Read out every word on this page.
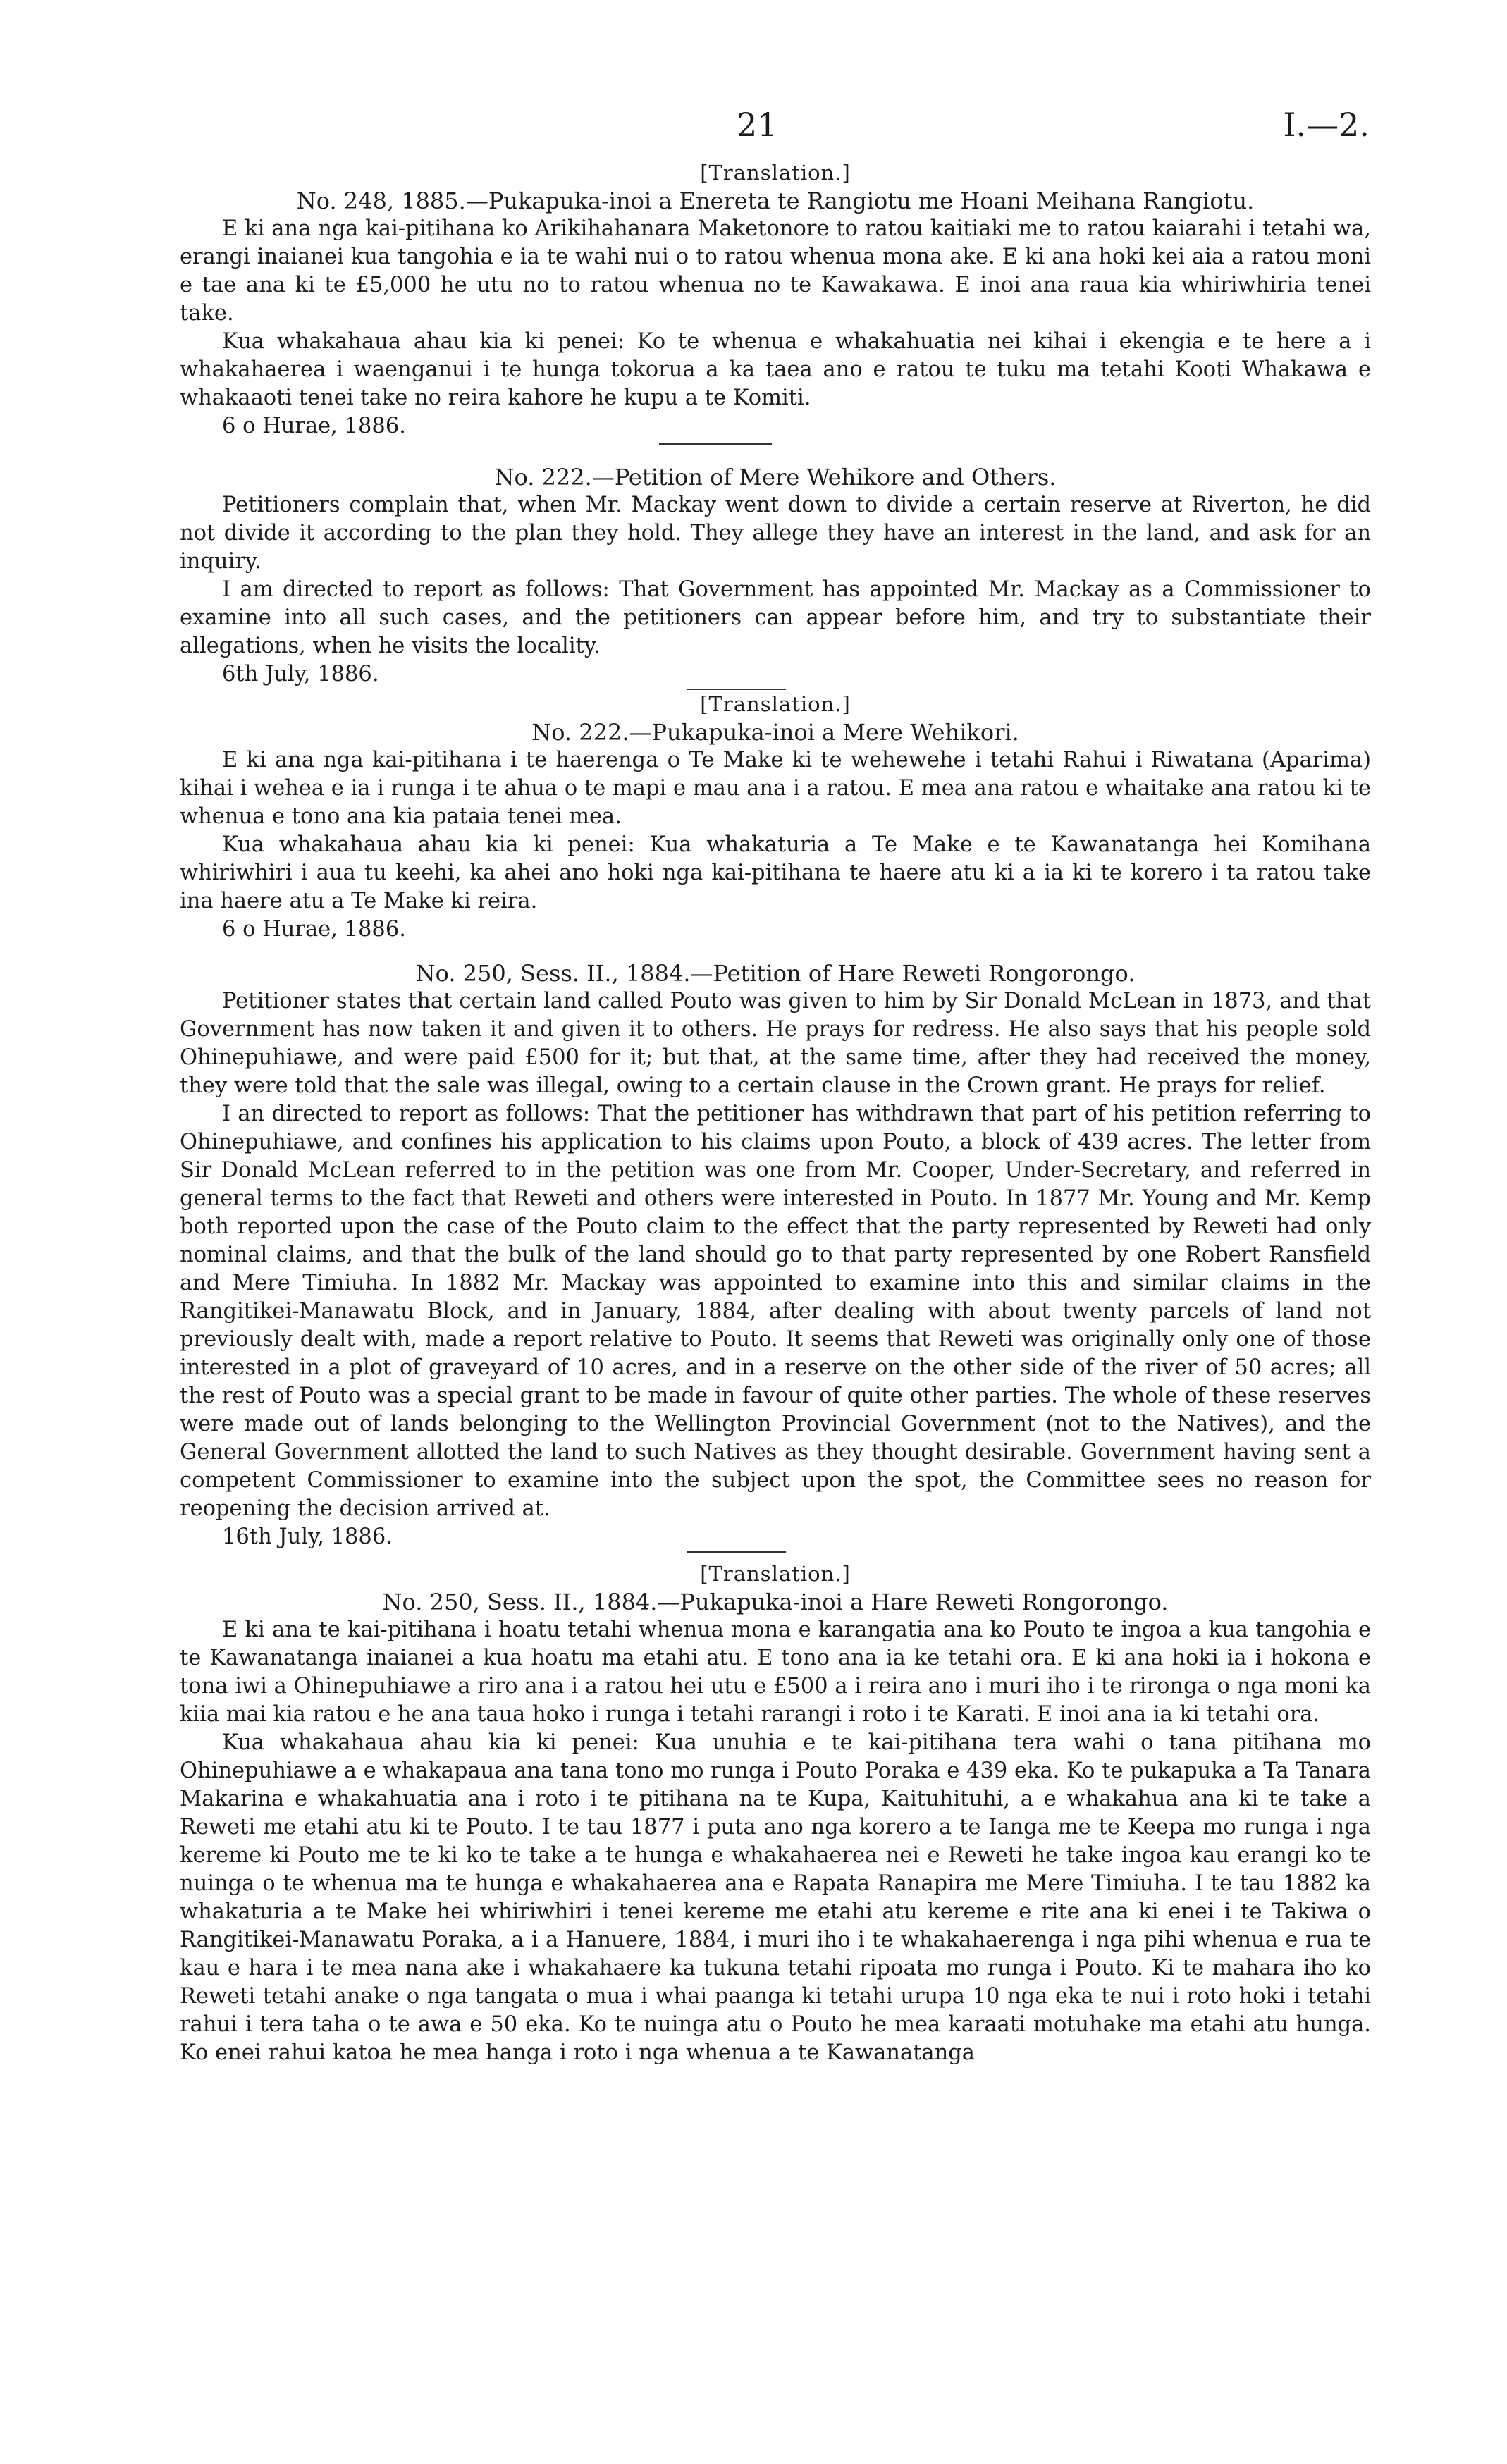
21	I.—2.
[Translation.]
No. 248, 1885.—Pukapuka-inoi a Enereta te Rangiotu me Hoani Meihana Rangiotu.

E ki ana nga kai-pitihana ko Arikihahanara Maketonore to ratou kaitiaki me to ratou kaiarahi i tetahi wa, erangi inaianei kua tangohia e ia te wahi nui o to ratou whenua mona ake. E ki ana hoki kei aia a ratou moni e tae ana ki te £5,000 he utu no to ratou whenua no te Kawakawa. E inoi ana raua kia whiriwhiria tenei take.

Kua whakahaua ahau kia ki penei: Ko te whenua e whakahuatia nei kihai i ekengia e te here a i whakahaerea i waenganui i te hunga tokorua a ka taea ano e ratou te tuku ma tetahi Kooti Whakawa e whakaaoti tenei take no reira kahore he kupu a te Komiti.

6 o Hurae, 1886.
No. 222.—Petition of Mere Wehikore and Others.

Petitioners complain that, when Mr. Mackay went down to divide a certain reserve at Riverton, he did not divide it according to the plan they hold. They allege they have an interest in the land, and ask for an inquiry.

I am directed to report as follows: That Government has appointed Mr. Mackay as a Commissioner to examine into all such cases, and the petitioners can appear before him, and try to substantiate their allegations, when he visits the locality.

6th July, 1886.
[Translation.]
No. 222.—Pukapuka-inoi a Mere Wehikori.

E ki ana nga kai-pitihana i te haerenga o Te Make ki te wehewehe i tetahi Rahui i Riwatana (Aparima) kihai i wehea e ia i runga i te ahua o te mapi e mau ana i a ratou. E mea ana ratou e whaitake ana ratou ki te whenua e tono ana kia pataia tenei mea.

Kua whakahaua ahau kia ki penei: Kua whakaturia a Te Make e te Kawanatanga hei Komihana whiriwhiri i aua tu keehi, ka ahei ano hoki nga kai-pitihana te haere atu ki a ia ki te korero i ta ratou take ina haere atu a Te Make ki reira.

6 o Hurae, 1886.
No. 250, Sess. II., 1884.—Petition of Hare Reweti Rongorongo.

Petitioner states that certain land called Pouto was given to him by Sir Donald McLean in 1873, and that Government has now taken it and given it to others. He prays for redress. He also says that his people sold Ohinepuhiawe, and were paid £500 for it; but that, at the same time, after they had received the money, they were told that the sale was illegal, owing to a certain clause in the Crown grant. He prays for relief.

I an directed to report as follows: That the petitioner has withdrawn that part of his petition referring to Ohinepuhiawe, and confines his application to his claims upon Pouto, a block of 439 acres. The letter from Sir Donald McLean referred to in the petition was one from Mr. Cooper, Under-Secretary, and referred in general terms to the fact that Reweti and others were interested in Pouto. In 1877 Mr. Young and Mr. Kemp both reported upon the case of the Pouto claim to the effect that the party represented by Reweti had only nominal claims, and that the bulk of the land should go to that party represented by one Robert Ransfield and Mere Timiuha. In 1882 Mr. Mackay was appointed to examine into this and similar claims in the Rangitikei-Manawatu Block, and in January, 1884, after dealing with about twenty parcels of land not previously dealt with, made a report relative to Pouto. It seems that Reweti was originally only one of those interested in a plot of graveyard of 10 acres, and in a reserve on the other side of the river of 50 acres; all the rest of Pouto was a special grant to be made in favour of quite other parties. The whole of these reserves were made out of lands belonging to the Wellington Provincial Government (not to the Natives), and the General Government allotted the land to such Natives as they thought desirable. Government having sent a competent Commissioner to examine into the subject upon the spot, the Committee sees no reason for reopening the decision arrived at.

16th July, 1886.
[Translation.]
No. 250, Sess. II., 1884.—Pukapuka-inoi a Hare Reweti Rongorongo.

E ki ana te kai-pitihana i hoatu tetahi whenua mona e karangatia ana ko Pouto te ingoa a kua tangohia e te Kawanatanga inaianei a kua hoatu ma etahi atu. E tono ana ia ke tetahi ora. E ki ana hoki ia i hokona e tona iwi a Ohinepuhiawe a riro ana i a ratou hei utu e £500 a i reira ano i muri iho i te rironga o nga moni ka kiia mai kia ratou e he ana taua hoko i runga i tetahi rarangi i roto i te Karati. E inoi ana ia ki tetahi ora.

Kua whakahaua ahau kia ki penei: Kua unuhia e te kai-pitihana tera wahi o tana pitihana mo Ohinepuhiawe a e whakapaua ana tana tono mo runga i Pouto Poraka e 439 eka. Ko te pukapuka a Ta Tanara Makarina e whakahuatia ana i roto i te pitihana na te Kupa, Kaituhituhi, a e whakahua ana ki te take a Reweti me etahi atu ki te Pouto. I te tau 1877 i puta ano nga korero a te Ianga me te Keepa mo runga i nga kereme ki Pouto me te ki ko te take a te hunga e whakahaerea nei e Reweti he take ingoa kau erangi ko te nuinga o te whenua ma te hunga e whakahaerea ana e Rapata Ranapira me Mere Timiuha. I te tau 1882 ka whakaturia a te Make hei whiriwhiri i tenei kereme me etahi atu kereme e rite ana ki enei i te Takiwa o Rangitikei-Manawatu Poraka, a i a Hanuere, 1884, i muri iho i te whakahaerenga i nga pihi whenua e rua te kau e hara i te mea nana ake i whakahaere ka tukuna tetahi ripoata mo runga i Pouto. Ki te mahara iho ko Reweti tetahi anake o nga tangata o mua i whai paanga ki tetahi urupa 10 nga eka te nui i roto hoki i tetahi rahui i tera taha o te awa e 50 eka. Ko te nuinga atu o Pouto he mea karaati motuhake ma etahi atu hunga. Ko enei rahui katoa he mea hanga i roto i nga whenua a te Kawanatanga
